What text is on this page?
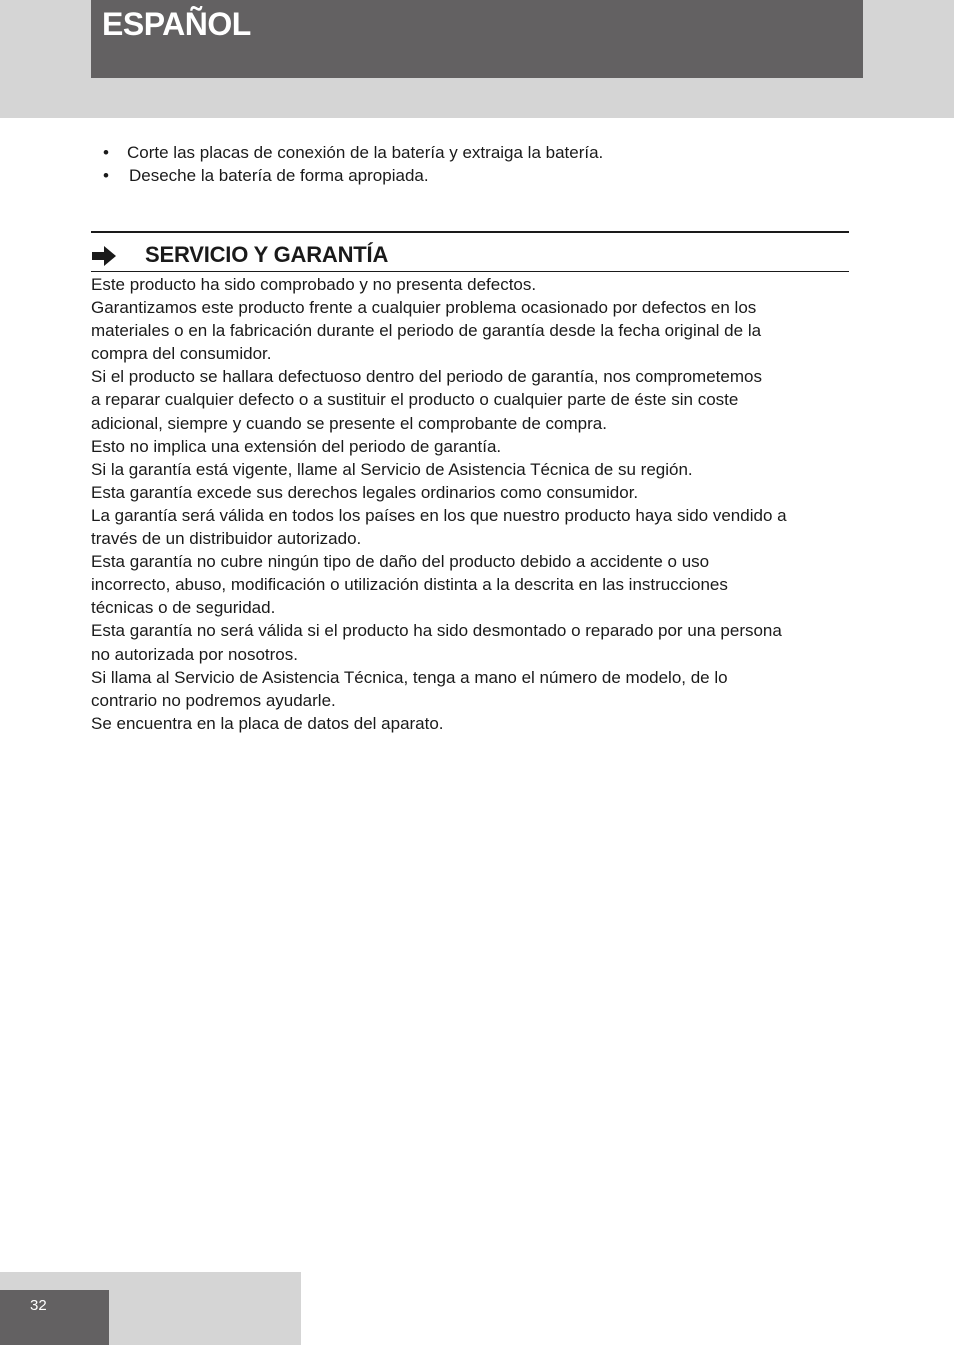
ESPAÑOL
• Corte las placas de conexión de la batería y extraiga la batería.
• Deseche la batería de forma apropiada.
SERVICIO Y GARANTÍA

Este producto ha sido comprobado y no presenta defectos.

Garantizamos este producto frente a cualquier problema ocasionado por defectos en los

materiales o en la fabricación durante el periodo de garantía desde la fecha original de la

compra del consumidor.

Si el producto se hallara defectuoso dentro del periodo de garantía, nos comprometemos

a reparar cualquier defecto o a sustituir el producto o cualquier parte de éste sin coste

adicional, siempre y cuando se presente el comprobante de compra.

Esto no implica una extensión del periodo de garantía.

Si la garantía está vigente, llame al Servicio de Asistencia Técnica de su región.

Esta garantía excede sus derechos legales ordinarios como consumidor.

La garantía será válida en todos los países en los que nuestro producto haya sido vendido a

través de un distribuidor autorizado.

Esta garantía no cubre ningún tipo de daño del producto debido a accidente o uso

incorrecto, abuso, modificación o utilización distinta a la descrita en las instrucciones

técnicas o de seguridad.

Esta garantía no será válida si el producto ha sido desmontado o reparado por una persona

no autorizada por nosotros.

Si llama al Servicio de Asistencia Técnica, tenga a mano el número de modelo, de lo

contrario no podremos ayudarle.

Se encuentra en la placa de datos del aparato.

32
